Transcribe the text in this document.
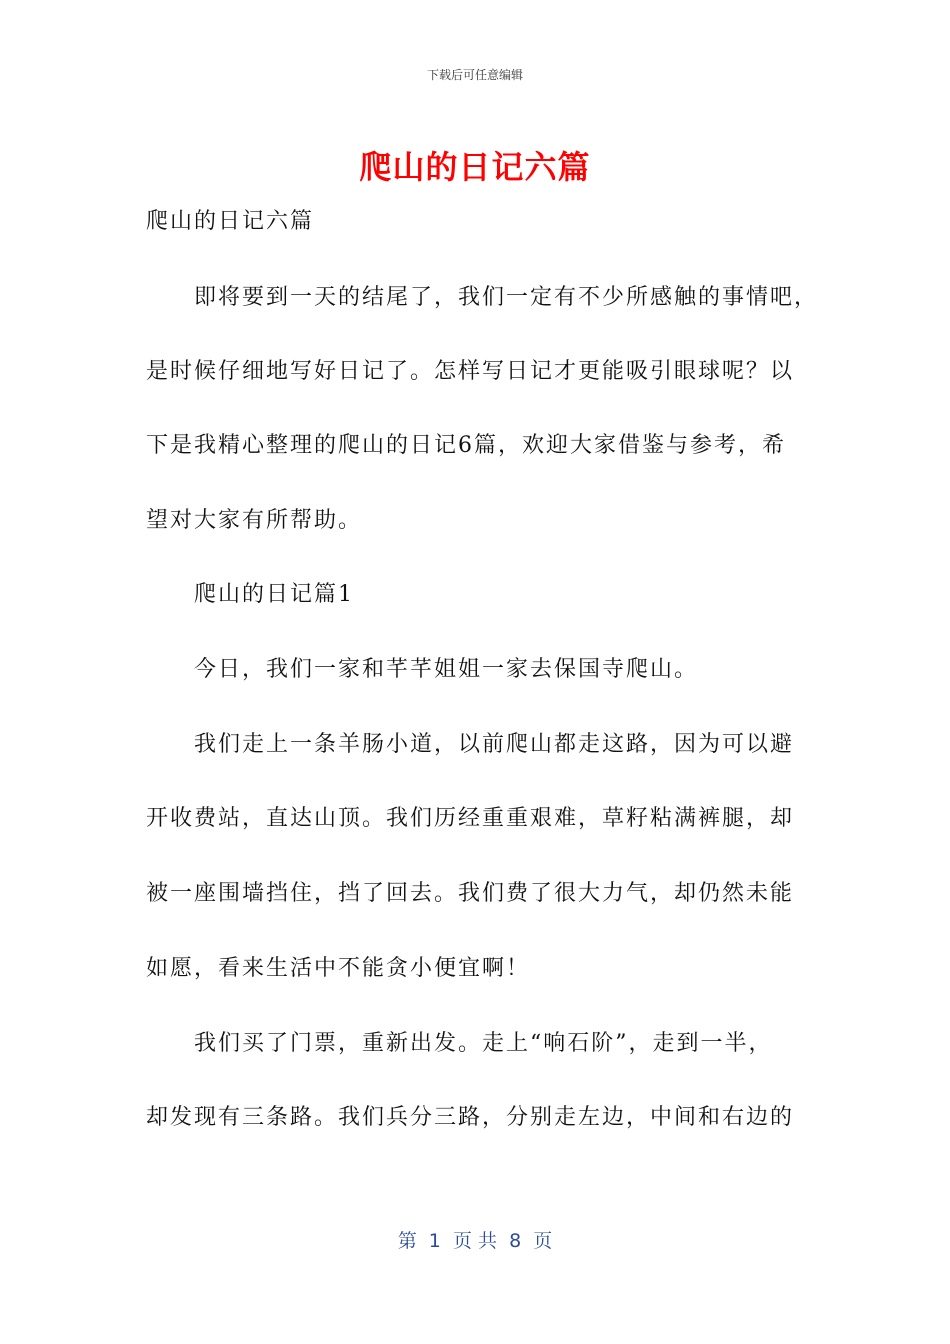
下载后可任意编辑
爬山的日记六篇
爬山的日记六篇
即将要到一天的结尾了，我们一定有不少所感触的事情吧，
是时候仔细地写好日记了。怎样写日记才更能吸引眼球呢？以
下是我精心整理的爬山的日记6篇，欢迎大家借鉴与参考，希
望对大家有所帮助。
爬山的日记篇1
今日，我们一家和芊芊姐姐一家去保国寺爬山。
我们走上一条羊肠小道，以前爬山都走这路，因为可以避
开收费站，直达山顶。我们历经重重艰难，草籽粘满裤腿，却
被一座围墙挡住，挡了回去。我们费了很大力气，却仍然未能
如愿，看来生活中不能贪小便宜啊！
我们买了门票，重新出发。走上“响石阶”，走到一半，
却发现有三条路。我们兵分三路，分别走左边，中间和右边的
第  1  页 共  8  页
